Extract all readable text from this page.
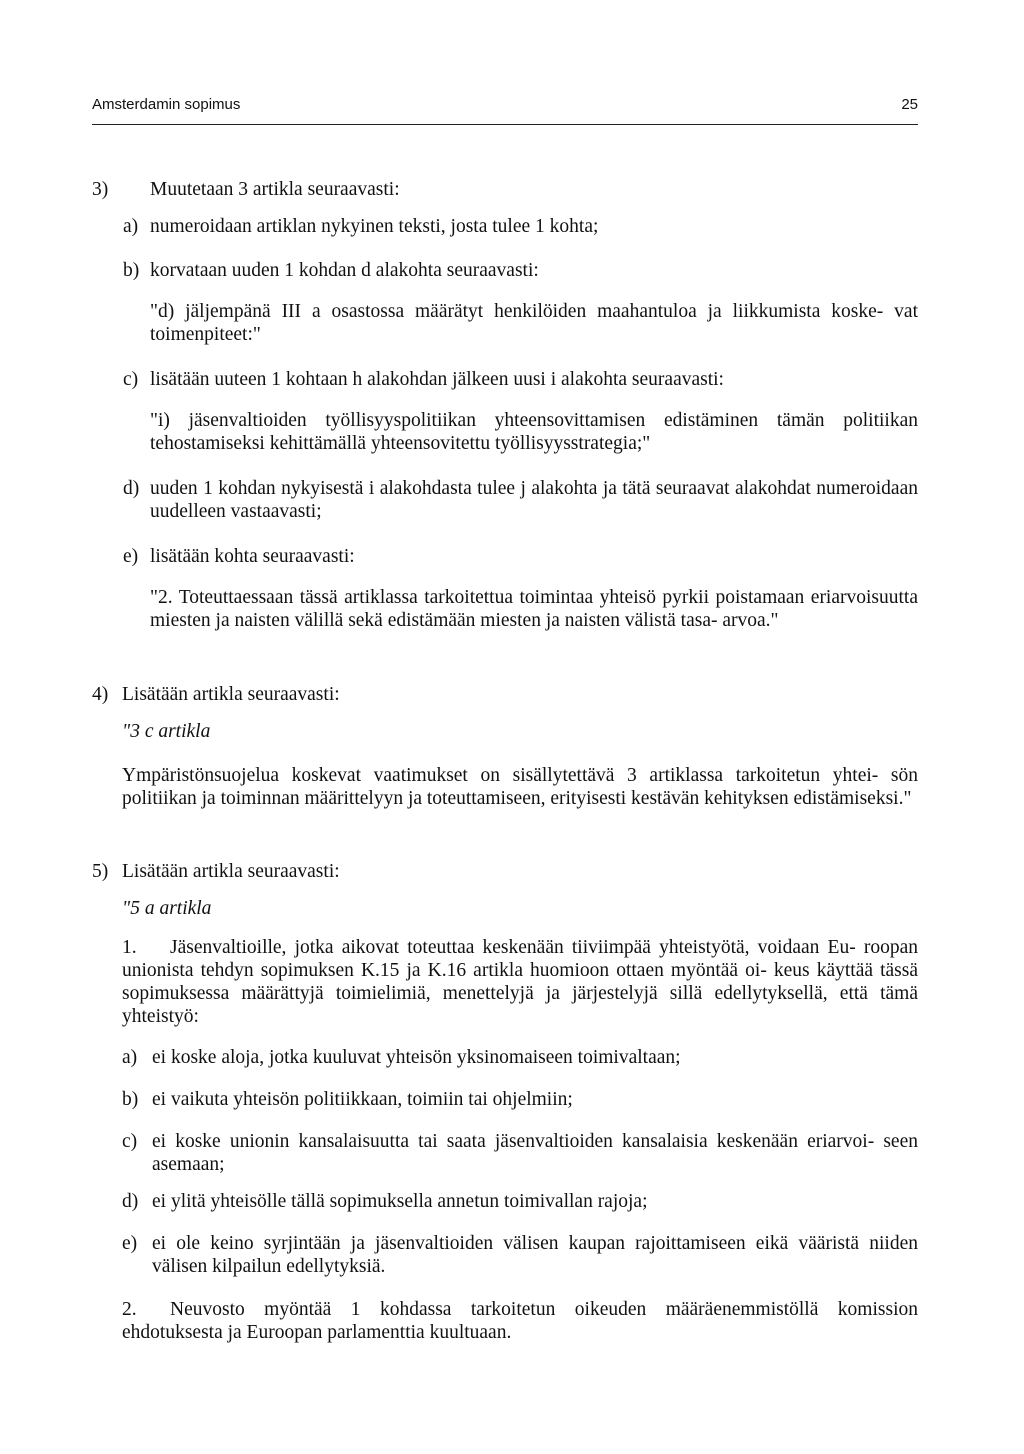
Amsterdamin sopimus	25
3) Muutetaan 3 artikla seuraavasti:
a) numeroidaan artiklan nykyinen teksti, josta tulee 1 kohta;
b) korvataan uuden 1 kohdan d alakohta seuraavasti:
"d) jäljempänä III a osastossa määrätyt henkilöiden maahantuloa ja liikkumista koske- vat toimenpiteet:"
c) lisätään uuteen 1 kohtaan h alakohdan jälkeen uusi i alakohta seuraavasti:
"i) jäsenvaltioiden työllisyyspolitiikan yhteensovittamisen edistäminen tämän politiikan tehostamiseksi kehittämällä yhteensovitettu työllisyysstrategia;"
d) uuden 1 kohdan nykyisestä i alakohdasta tulee j alakohta ja tätä seuraavat alakohdat numeroidaan uudelleen vastaavasti;
e) lisätään kohta seuraavasti:
"2. Toteuttaessaan tässä artiklassa tarkoitettua toimintaa yhteisö pyrkii poistamaan eriarvoisuutta miesten ja naisten välillä sekä edistämään miesten ja naisten välistä tasa- arvoa."
4) Lisätään artikla seuraavasti:
"3 c artikla
Ympäristönsuojelua koskevat vaatimukset on sisällytettävä 3 artiklassa tarkoitetun yhtei- sön politiikan ja toiminnan määrittelyyn ja toteuttamiseen, erityisesti kestävän kehityksen edistämiseksi."
5) Lisätään artikla seuraavasti:
"5 a artikla
1.	Jäsenvaltioille, jotka aikovat toteuttaa keskenään tiiviimpää yhteistyötä, voidaan Eu- roopan unionista tehdyn sopimuksen K.15 ja K.16 artikla huomioon ottaen myöntää oi- keus käyttää tässä sopimuksessa määrättyjä toimielimiä, menettelyjä ja järjestelyjä sillä edellytyksellä, että tämä yhteistyö:
a) ei koske aloja, jotka kuuluvat yhteisön yksinomaiseen toimivaltaan;
b) ei vaikuta yhteisön politiikkaan, toimiin tai ohjelmiin;
c) ei koske unionin kansalaisuutta tai saata jäsenvaltioiden kansalaisia keskenään eriarvoi- seen asemaan;
d) ei ylitä yhteisölle tällä sopimuksella annetun toimivallan rajoja;
e) ei ole keino syrjintään ja jäsenvaltioiden välisen kaupan rajoittamiseen eikä vääristä niiden välisen kilpailun edellytyksiä.
2.	Neuvosto myöntää 1 kohdassa tarkoitetun oikeuden määräenemmistöllä komission ehdotuksesta ja Euroopan parlamenttia kuultuaan.
